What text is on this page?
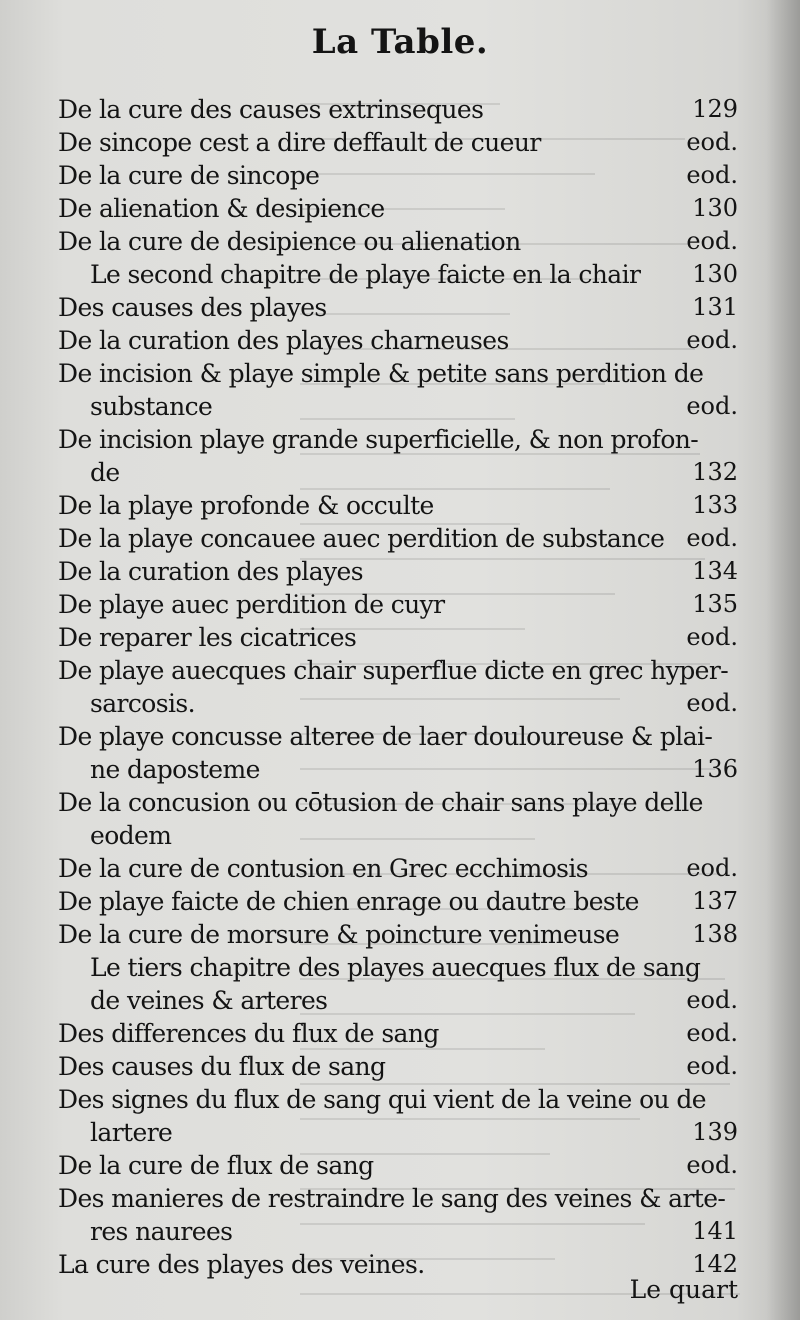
La Table.
De la cure des causes extrinseques	129
De sincope cest a dire deffault de cueur	eod.
De la cure de sincope	eod.
De alienation & desipience	130
De la cure de desipience ou alienation	eod.
Le second chapitre de playe faicte en la chair	130
Des causes des playes	131
De la curation des playes charneuses	eod.
De incision & playe simple & petite sans perdition de
substance	eod.
De incision playe grande superficielle, & non profon-
de	132
De la playe profonde & occulte	133
De la playe concauee auec perdition de substance eod.
De la curation des playes	134
De playe auec perdition de cuyr	135
De reparer les cicatrices	eod.
De playe auecques chair superflue dicte en grec hyper-
sarcosis.	eod.
De playe concusse alteree de laer douloureuse & plai-
ne daposteme	136
De la concusion ou cōtusion de chair sans playe delle
eodem
De la cure de contusion en Grec ecchimosis	eod.
De playe faicte de chien enrage ou dautre beste	137
De la cure de morsure & poincture venimeuse	138
Le tiers chapitre des playes auecques flux de sang
de veines & arteres	eod.
Des differences du flux de sang	eod.
Des causes du flux de sang	eod.
Des signes du flux de sang qui vient de la veine ou de
lartere	139
De la cure de flux de sang	eod.
Des manieres de restraindre le sang des veines & arte-
res naurees	141
La cure des playes des veines.	142
Le quart
